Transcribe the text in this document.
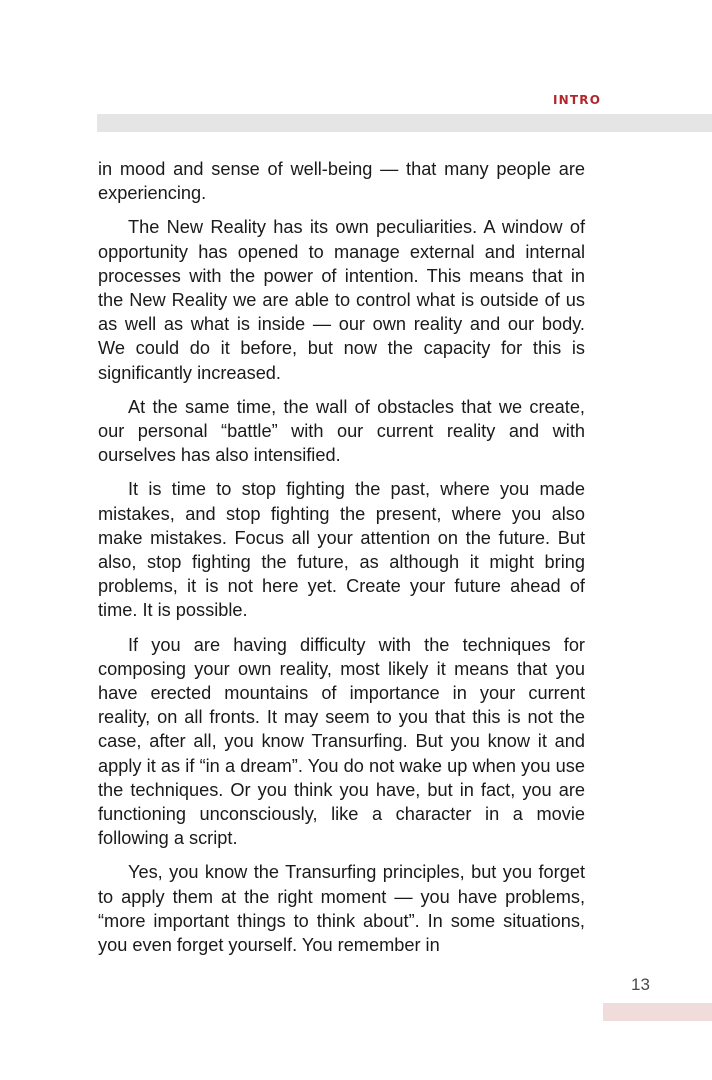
INTRO

in mood and sense of well-being — that many people are experiencing.

The New Reality has its own peculiarities. A window of opportunity has opened to manage external and internal processes with the power of intention. This means that in the New Reality we are able to control what is outside of us as well as what is inside — our own reality and our body. We could do it before, but now the capacity for this is significantly increased.

At the same time, the wall of obstacles that we create, our personal “battle” with our current reality and with ourselves has also intensified.

It is time to stop fighting the past, where you made mistakes, and stop fighting the present, where you also make mistakes. Focus all your attention on the future. But also, stop fighting the future, as although it might bring problems, it is not here yet. Create your future ahead of time. It is possible.

If you are having difficulty with the techniques for composing your own reality, most likely it means that you have erected mountains of importance in your current reality, on all fronts. It may seem to you that this is not the case, after all, you know Transurfing. But you know it and apply it as if “in a dream”. You do not wake up when you use the techniques. Or you think you have, but in fact, you are functioning unconsciously, like a character in a movie following a script.

Yes, you know the Transurfing principles, but you forget to apply them at the right moment — you have problems, “more important things to think about”. In some situations, you even forget yourself. You remember in

13
